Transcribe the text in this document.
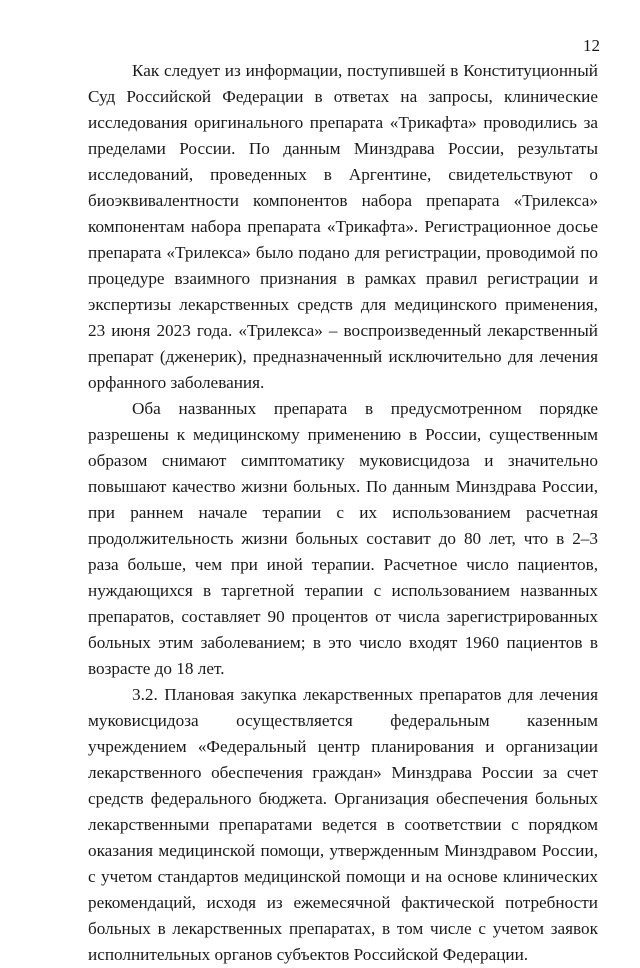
12

Как следует из информации, поступившей в Конституционный Суд Российской Федерации в ответах на запросы, клинические исследования оригинального препарата «Трикафта» проводились за пределами России. По данным Минздрава России, результаты исследований, проведенных в Аргентине, свидетельствуют о биоэквивалентности компонентов набора препарата «Трилекса» компонентам набора препарата «Трикафта». Регистрационное досье препарата «Трилекса» было подано для регистрации, проводимой по процедуре взаимного признания в рамках правил регистрации и экспертизы лекарственных средств для медицинского применения, 23 июня 2023 года. «Трилекса» – воспроизведенный лекарственный препарат (дженерик), предназначенный исключительно для лечения орфанного заболевания.

Оба названных препарата в предусмотренном порядке разрешены к медицинскому применению в России, существенным образом снимают симптоматику муковисцидоза и значительно повышают качество жизни больных. По данным Минздрава России, при раннем начале терапии с их использованием расчетная продолжительность жизни больных составит до 80 лет, что в 2–3 раза больше, чем при иной терапии. Расчетное число пациентов, нуждающихся в таргетной терапии с использованием названных препаратов, составляет 90 процентов от числа зарегистрированных больных этим заболеванием; в это число входят 1960 пациентов в возрасте до 18 лет.

3.2. Плановая закупка лекарственных препаратов для лечения муковисцидоза осуществляется федеральным казенным учреждением «Федеральный центр планирования и организации лекарственного обеспечения граждан» Минздрава России за счет средств федерального бюджета. Организация обеспечения больных лекарственными препаратами ведется в соответствии с порядком оказания медицинской помощи, утвержденным Минздравом России, с учетом стандартов медицинской помощи и на основе клинических рекомендаций, исходя из ежемесячной фактической потребности больных в лекарственных препаратах, в том числе с учетом заявок исполнительных органов субъектов Российской Федерации.
